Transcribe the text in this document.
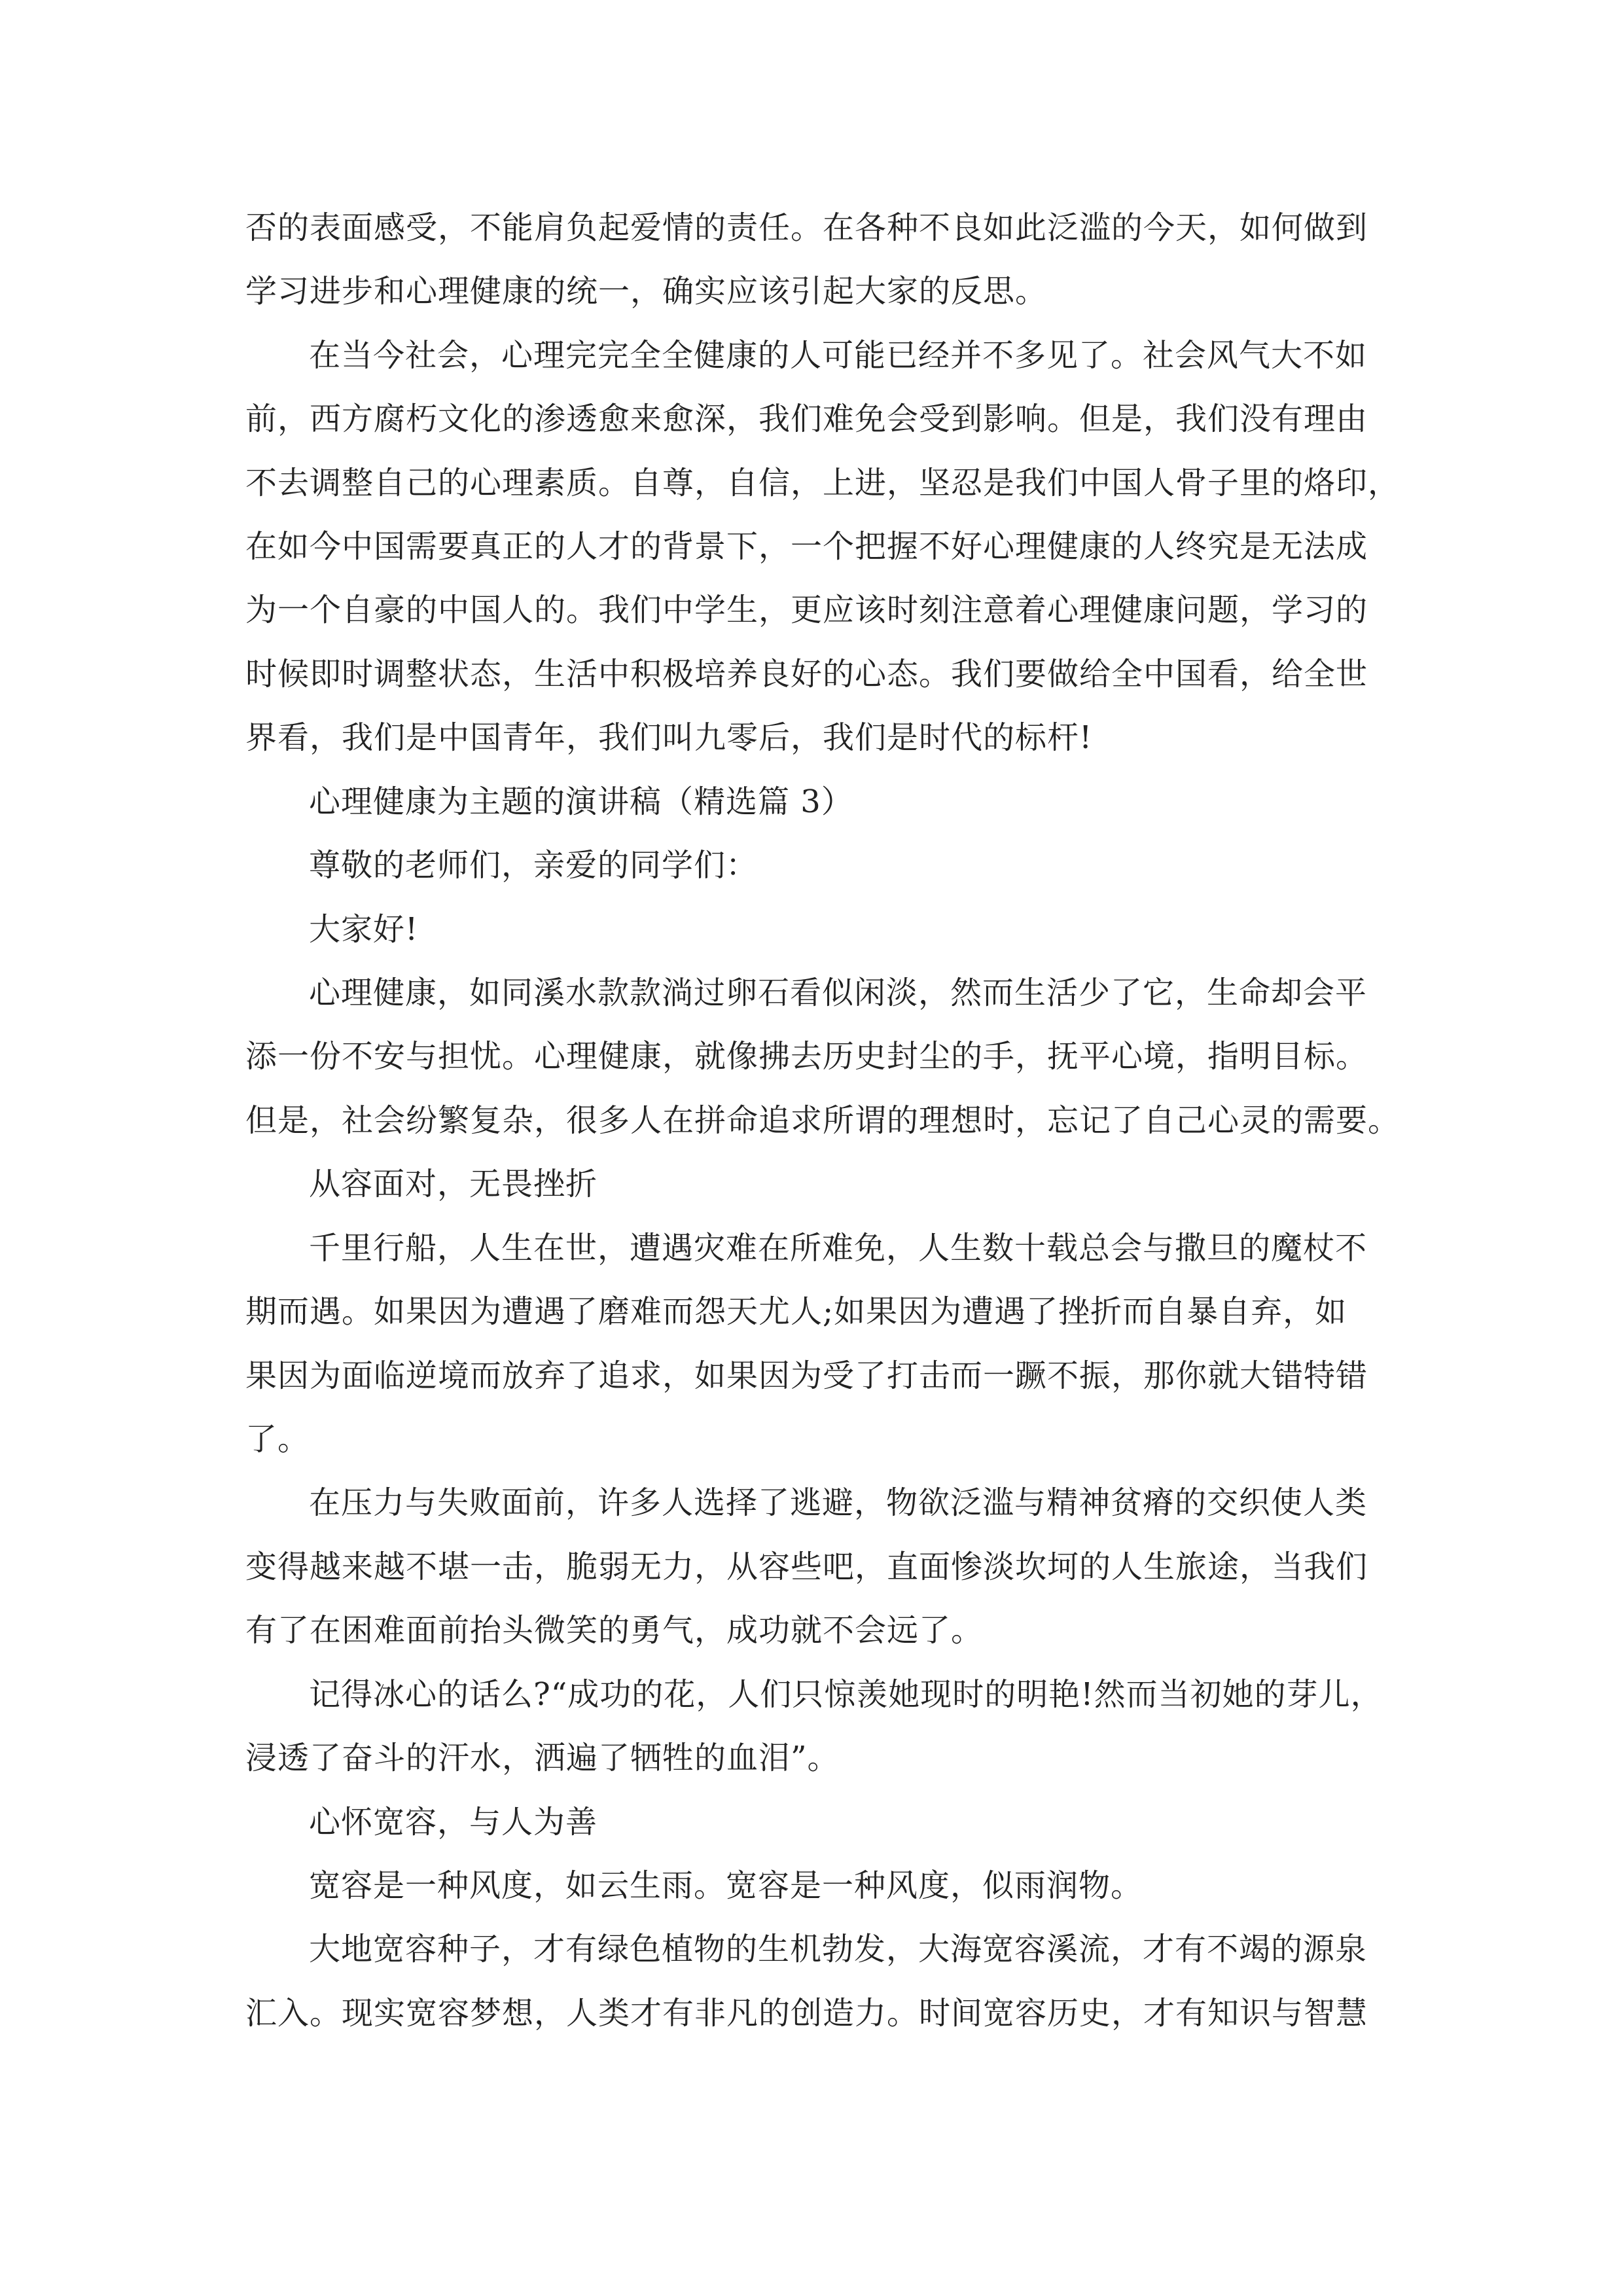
否的表面感受，不能肩负起爱情的责任。在各种不良如此泛滥的今天，如何做到
学习进步和心理健康的统一，确实应该引起大家的反思。
在当今社会，心理完完全全健康的人可能已经并不多见了。社会风气大不如
前，西方腐朽文化的渗透愈来愈深，我们难免会受到影响。但是，我们没有理由
不去调整自己的心理素质。自尊，自信，上进，坚忍是我们中国人骨子里的烙印，
在如今中国需要真正的人才的背景下，一个把握不好心理健康的人终究是无法成
为一个自豪的中国人的。我们中学生，更应该时刻注意着心理健康问题，学习的
时候即时调整状态，生活中积极培养良好的心态。我们要做给全中国看，给全世
界看，我们是中国青年，我们叫九零后，我们是时代的标杆!
心理健康为主题的演讲稿（精选篇 3）
尊敬的老师们，亲爱的同学们：
大家好!
心理健康，如同溪水款款淌过卵石看似闲淡，然而生活少了它，生命却会平
添一份不安与担忧。心理健康，就像拂去历史封尘的手，抚平心境，指明目标。
但是，社会纷繁复杂，很多人在拼命追求所谓的理想时，忘记了自己心灵的需要。
从容面对，无畏挫折
千里行船，人生在世，遭遇灾难在所难免，人生数十载总会与撒旦的魔杖不
期而遇。如果因为遭遇了磨难而怨天尤人;如果因为遭遇了挫折而自暴自弃，如
果因为面临逆境而放弃了追求，如果因为受了打击而一蹶不振，那你就大错特错
了。
在压力与失败面前，许多人选择了逃避，物欲泛滥与精神贫瘠的交织使人类
变得越来越不堪一击，脆弱无力，从容些吧，直面惨淡坎坷的人生旅途，当我们
有了在困难面前抬头微笑的勇气，成功就不会远了。
记得冰心的话么?“成功的花，人们只惊羡她现时的明艳!然而当初她的芽儿，
浸透了奋斗的汗水，洒遍了牺牲的血泪”。
心怀宽容，与人为善
宽容是一种风度，如云生雨。宽容是一种风度，似雨润物。
大地宽容种子，才有绿色植物的生机勃发，大海宽容溪流，才有不竭的源泉
汇入。现实宽容梦想，人类才有非凡的创造力。时间宽容历史，才有知识与智慧
